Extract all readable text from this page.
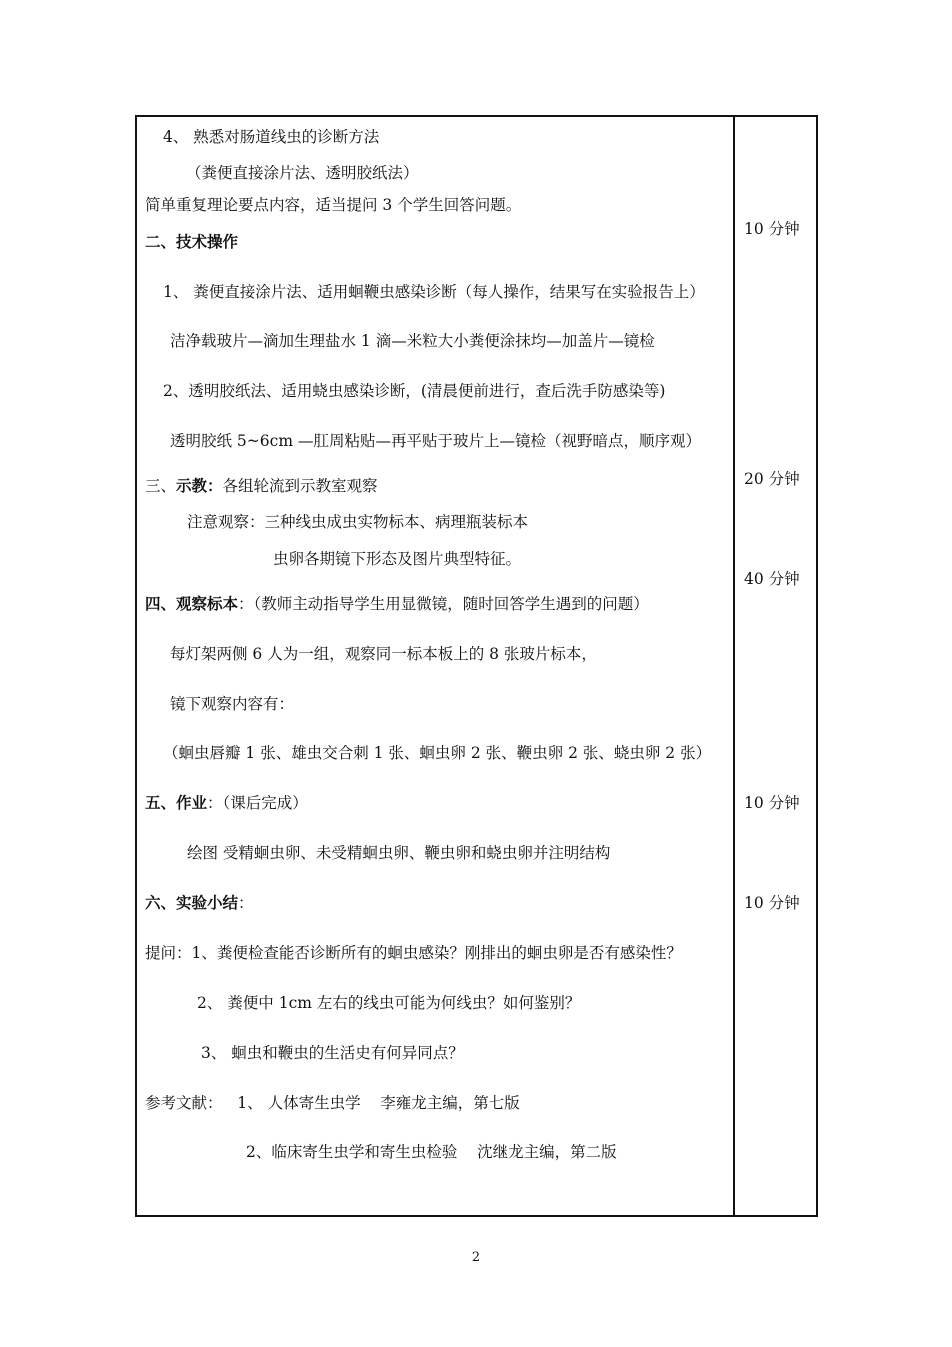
4、 熟悉对肠道线虫的诊断方法
（粪便直接涂片法、透明胶纸法）
简单重复理论要点内容，适当提问 3 个学生回答问题。
二、技术操作
1、 粪便直接涂片法、适用蛔鞭虫感染诊断（每人操作，结果写在实验报告上）
洁净载玻片—滴加生理盐水 1 滴—米粒大小粪便涂抹均—加盖片—镜检
2、透明胶纸法、适用蛲虫感染诊断，(清晨便前进行，查后洗手防感染等)
透明胶纸 5~6cm —肛周粘贴—再平贴于玻片上—镜检（视野暗点，顺序观）
三、示教：各组轮流到示教室观察
注意观察：三种线虫成虫实物标本、病理瓶装标本
虫卵各期镜下形态及图片典型特征。
四、观察标本：（教师主动指导学生用显微镜，随时回答学生遇到的问题）
每灯架两侧 6 人为一组，观察同一标本板上的 8 张玻片标本，
镜下观察内容有：
（蛔虫唇瓣 1 张、雄虫交合刺 1 张、蛔虫卵 2 张、鞭虫卵 2 张、蛲虫卵 2 张）
五、作业：（课后完成）
绘图 受精蛔虫卵、未受精蛔虫卵、鞭虫卵和蛲虫卵并注明结构
六、实验小结：
提问：1、粪便检查能否诊断所有的蛔虫感染？刚排出的蛔虫卵是否有感染性？
2、 粪便中 1cm 左右的线虫可能为何线虫？如何鉴别？
3、 蛔虫和鞭虫的生活史有何异同点？
参考文献：   1、 人体寄生虫学    李雍龙主编，第七版
2、临床寄生虫学和寄生虫检验    沈继龙主编，第二版
10 分钟
20 分钟
40 分钟
10 分钟
10 分钟
2
